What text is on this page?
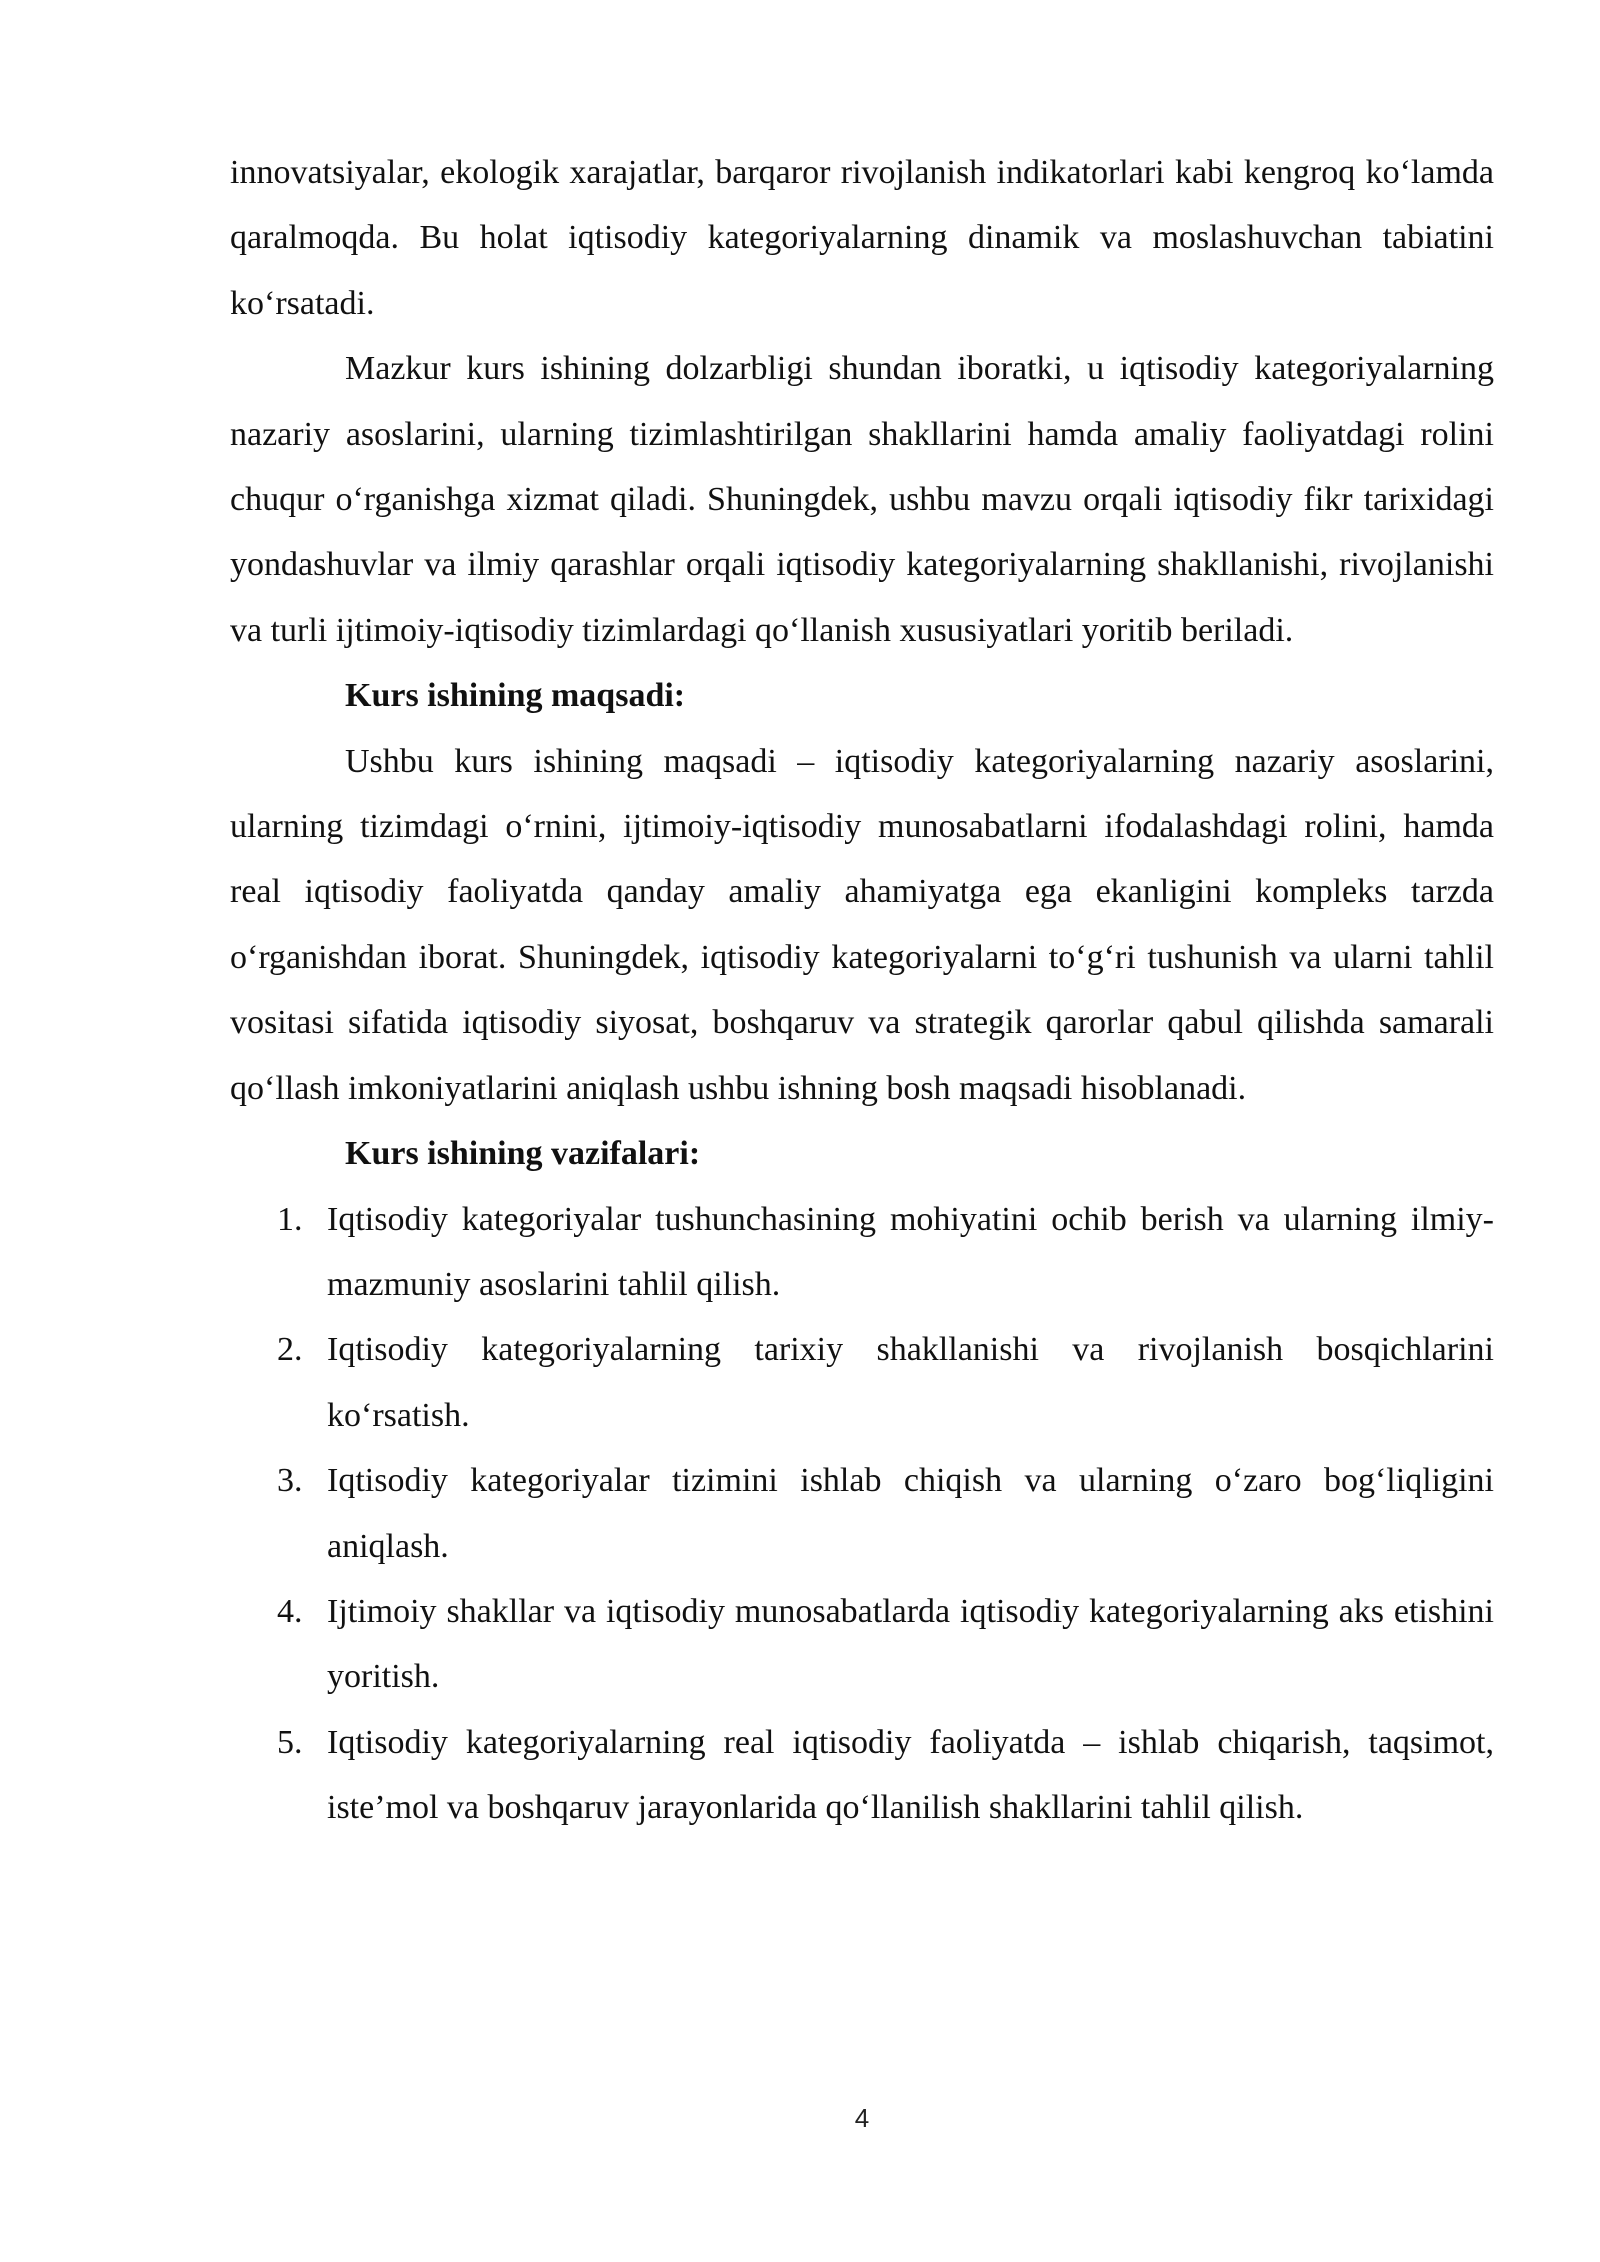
innovatsiyalar, ekologik xarajatlar, barqaror rivojlanish indikatorlari kabi kengroq ko‘lamda qaralmoqda. Bu holat iqtisodiy kategoriyalarning dinamik va moslashuvchan tabiatini ko‘rsatadi.

Mazkur kurs ishining dolzarbligi shundan iboratki, u iqtisodiy kategoriyalarning nazariy asoslarini, ularning tizimlashtirilgan shakllarini hamda amaliy faoliyatdagi rolini chuqur o‘rganishga xizmat qiladi. Shuningdek, ushbu mavzu orqali iqtisodiy fikr tarixidagi yondashuvlar va ilmiy qarashlar orqali iqtisodiy kategoriyalarning shakllanishi, rivojlanishi va turli ijtimoiy-iqtisodiy tizimlardagi qo‘llanish xususiyatlari yoritib beriladi.

Kurs ishining maqsadi:

Ushbu kurs ishining maqsadi – iqtisodiy kategoriyalarning nazariy asoslarini, ularning tizimdagi o‘rnini, ijtimoiy-iqtisodiy munosabatlarni ifodalashdagi rolini, hamda real iqtisodiy faoliyatda qanday amaliy ahamiyatga ega ekanligini kompleks tarzda o‘rganishdan iborat. Shuningdek, iqtisodiy kategoriyalarni to‘g‘ri tushunish va ularni tahlil vositasi sifatida iqtisodiy siyosat, boshqaruv va strategik qarorlar qabul qilishda samarali qo‘llash imkoniyatlarini aniqlash ushbu ishning bosh maqsadi hisoblanadi.

Kurs ishining vazifalari:

1. Iqtisodiy kategoriyalar tushunchasining mohiyatini ochib berish va ularning ilmiy-mazmuniy asoslarini tahlil qilish.
2. Iqtisodiy kategoriyalarning tarixiy shakllanishi va rivojlanish bosqichlarini ko‘rsatish.
3. Iqtisodiy kategoriyalar tizimini ishlab chiqish va ularning o‘zaro bog‘liqligini aniqlash.
4. Ijtimoiy shakllar va iqtisodiy munosabatlarda iqtisodiy kategoriyalarning aks etishini yoritish.
5. Iqtisodiy kategoriyalarning real iqtisodiy faoliyatda – ishlab chiqarish, taqsimot, iste’mol va boshqaruv jarayonlarida qo‘llanilish shakllarini tahlil qilish.
4
